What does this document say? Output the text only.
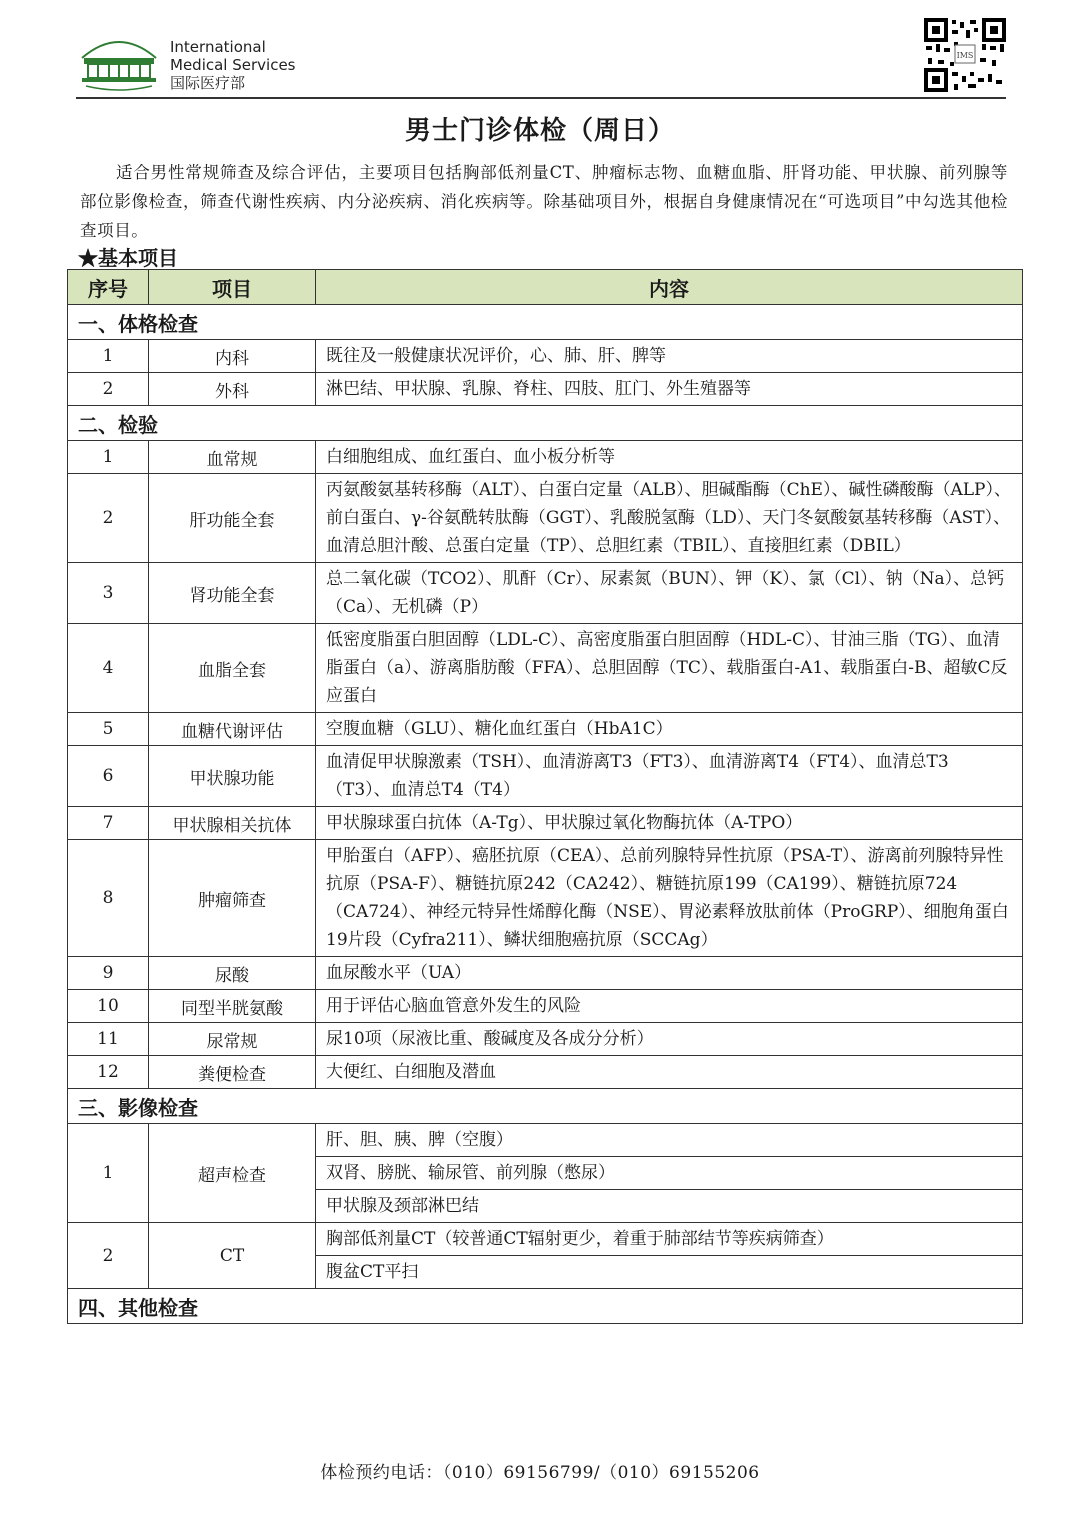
International
Medical Services
国际医疗部
IMS
男士门诊体检（周日）
适合男性常规筛查及综合评估，主要项目包括胸部低剂量CT、肿瘤标志物、血糖血脂、肝肾功能、甲状腺、前列腺等部位影像检查，筛查代谢性疾病、内分泌疾病、消化疾病等。除基础项目外，根据自身健康情况在“可选项目”中勾选其他检查项目。
★基本项目
序号	项目	内容
一、体格检查		
1	内科	既往及一般健康状况评价，心、肺、肝、脾等
2	外科	淋巴结、甲状腺、乳腺、脊柱、四肢、肛门、外生殖器等
二、检验		
1	血常规	白细胞组成、血红蛋白、血小板分析等
2	肝功能全套	丙氨酸氨基转移酶（ALT）、白蛋白定量（ALB）、胆碱酯酶（ChE）、碱性磷酸酶（ALP）、前白蛋白、γ-谷氨酰转肽酶（GGT）、乳酸脱氢酶（LD）、天门冬氨酸氨基转移酶（AST）、血清总胆汁酸、总蛋白定量（TP）、总胆红素（TBIL）、直接胆红素（DBIL）
3	肾功能全套	总二氧化碳（TCO2）、肌酐（Cr）、尿素氮（BUN）、钾（K）、氯（Cl）、钠（Na）、总钙（Ca）、无机磷（P）
4	血脂全套	低密度脂蛋白胆固醇（LDL-C）、高密度脂蛋白胆固醇（HDL-C）、甘油三脂（TG）、血清脂蛋白（a）、游离脂肪酸（FFA）、总胆固醇（TC）、载脂蛋白-A1、载脂蛋白-B、超敏C反应蛋白
5	血糖代谢评估	空腹血糖（GLU）、糖化血红蛋白（HbA1C）
6	甲状腺功能	血清促甲状腺激素（TSH）、血清游离T3（FT3）、血清游离T4（FT4）、血清总T3（T3）、血清总T4（T4）
7	甲状腺相关抗体	甲状腺球蛋白抗体（A-Tg）、甲状腺过氧化物酶抗体（A-TPO）
8	肿瘤筛查	甲胎蛋白（AFP）、癌胚抗原（CEA）、总前列腺特异性抗原（PSA-T）、游离前列腺特异性抗原（PSA-F）、糖链抗原242（CA242）、糖链抗原199（CA199）、糖链抗原724（CA724）、神经元特异性烯醇化酶（NSE）、胃泌素释放肽前体（ProGRP）、细胞角蛋白19片段（Cyfra211）、鳞状细胞癌抗原（SCCAg）
9	尿酸	血尿酸水平（UA）
10	同型半胱氨酸	用于评估心脑血管意外发生的风险
11	尿常规	尿10项（尿液比重、酸碱度及各成分分析）
12	粪便检查	大便红、白细胞及潜血
三、影像检查		
1	超声检查	肝、胆、胰、脾（空腹）
		双肾、膀胱、输尿管、前列腺（憋尿）
		甲状腺及颈部淋巴结
2	CT	胸部低剂量CT（较普通CT辐射更少，着重于肺部结节等疾病筛查）
		腹盆CT平扫
四、其他检查		
体检预约电话：（010）69156799/（010）69155206
